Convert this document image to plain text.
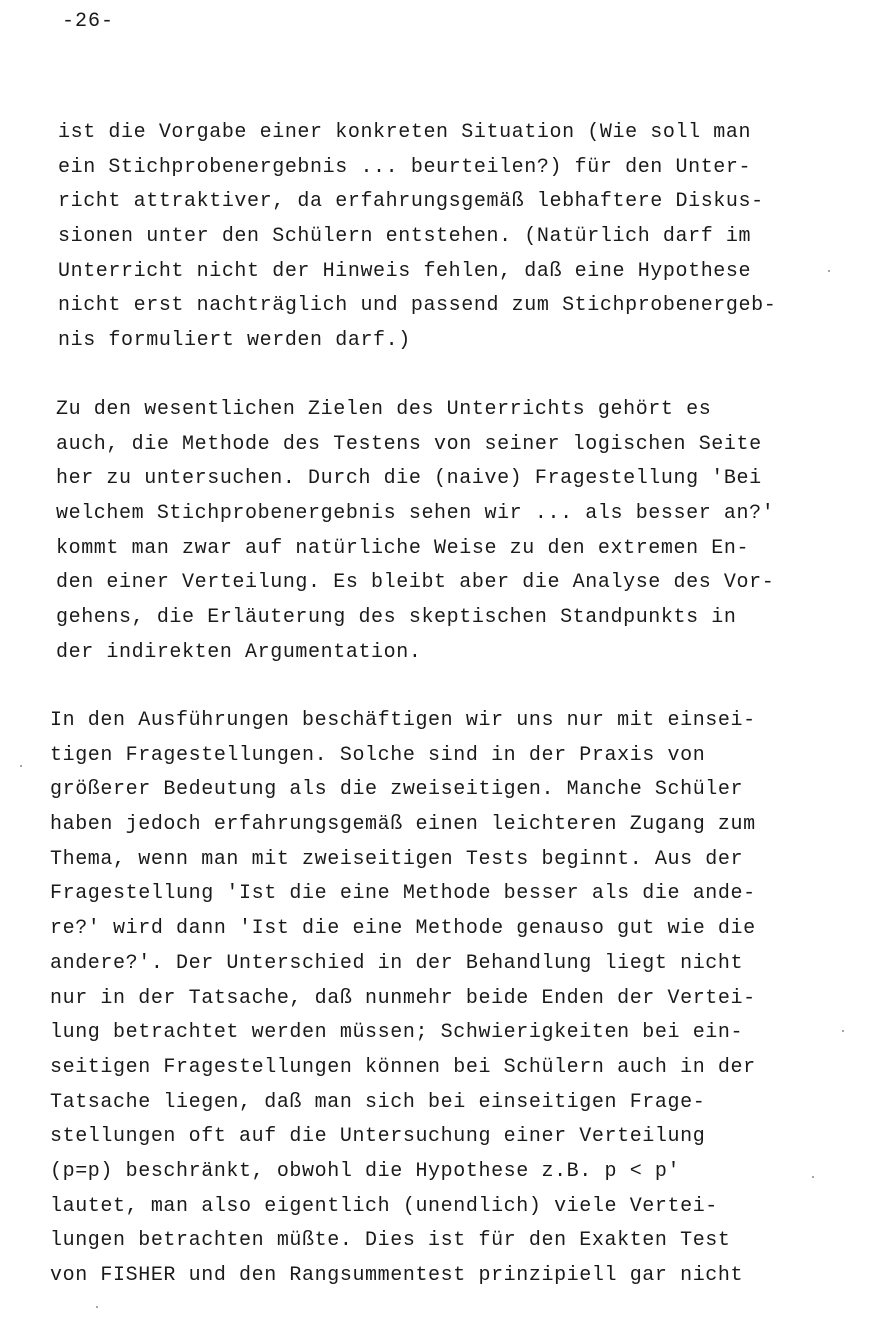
-26-
ist die Vorgabe einer konkreten Situation (Wie soll man
ein Stichprobenergebnis ... beurteilen?) für den Unter-
richt attraktiver, da erfahrungsgemäß lebhaftere Diskus-
sionen unter den Schülern entstehen. (Natürlich darf im
Unterricht nicht der Hinweis fehlen, daß eine Hypothese
nicht erst nachträglich und passend zum Stichprobenergeb-
nis formuliert werden darf.)
Zu den wesentlichen Zielen des Unterrichts gehört es
auch, die Methode des Testens von seiner logischen Seite
her zu untersuchen. Durch die (naive) Fragestellung 'Bei
welchem Stichprobenergebnis sehen wir ... als besser an?'
kommt man zwar auf natürliche Weise zu den extremen En-
den einer Verteilung. Es bleibt aber die Analyse des Vor-
gehens, die Erläuterung des skeptischen Standpunkts in
der indirekten Argumentation.
In den Ausführungen beschäftigen wir uns nur mit einsei-
tigen Fragestellungen. Solche sind in der Praxis von
größerer Bedeutung als die zweiseitigen. Manche Schüler
haben jedoch erfahrungsgemäß einen leichteren Zugang zum
Thema, wenn man mit zweiseitigen Tests beginnt. Aus der
Fragestellung 'Ist die eine Methode besser als die ande-
re?' wird dann 'Ist die eine Methode genauso gut wie die
andere?'. Der Unterschied in der Behandlung liegt nicht
nur in der Tatsache, daß nunmehr beide Enden der Vertei-
lung betrachtet werden müssen; Schwierigkeiten bei ein-
seitigen Fragestellungen können bei Schülern auch in der
Tatsache liegen, daß man sich bei einseitigen Frage-
stellungen oft auf die Untersuchung einer Verteilung
(p=p) beschränkt, obwohl die Hypothese z.B. p < p'
lautet, man also eigentlich (unendlich) viele Vertei-
lungen betrachten müßte. Dies ist für den Exakten Test
von FISHER und den Rangsummentest prinzipiell gar nicht
